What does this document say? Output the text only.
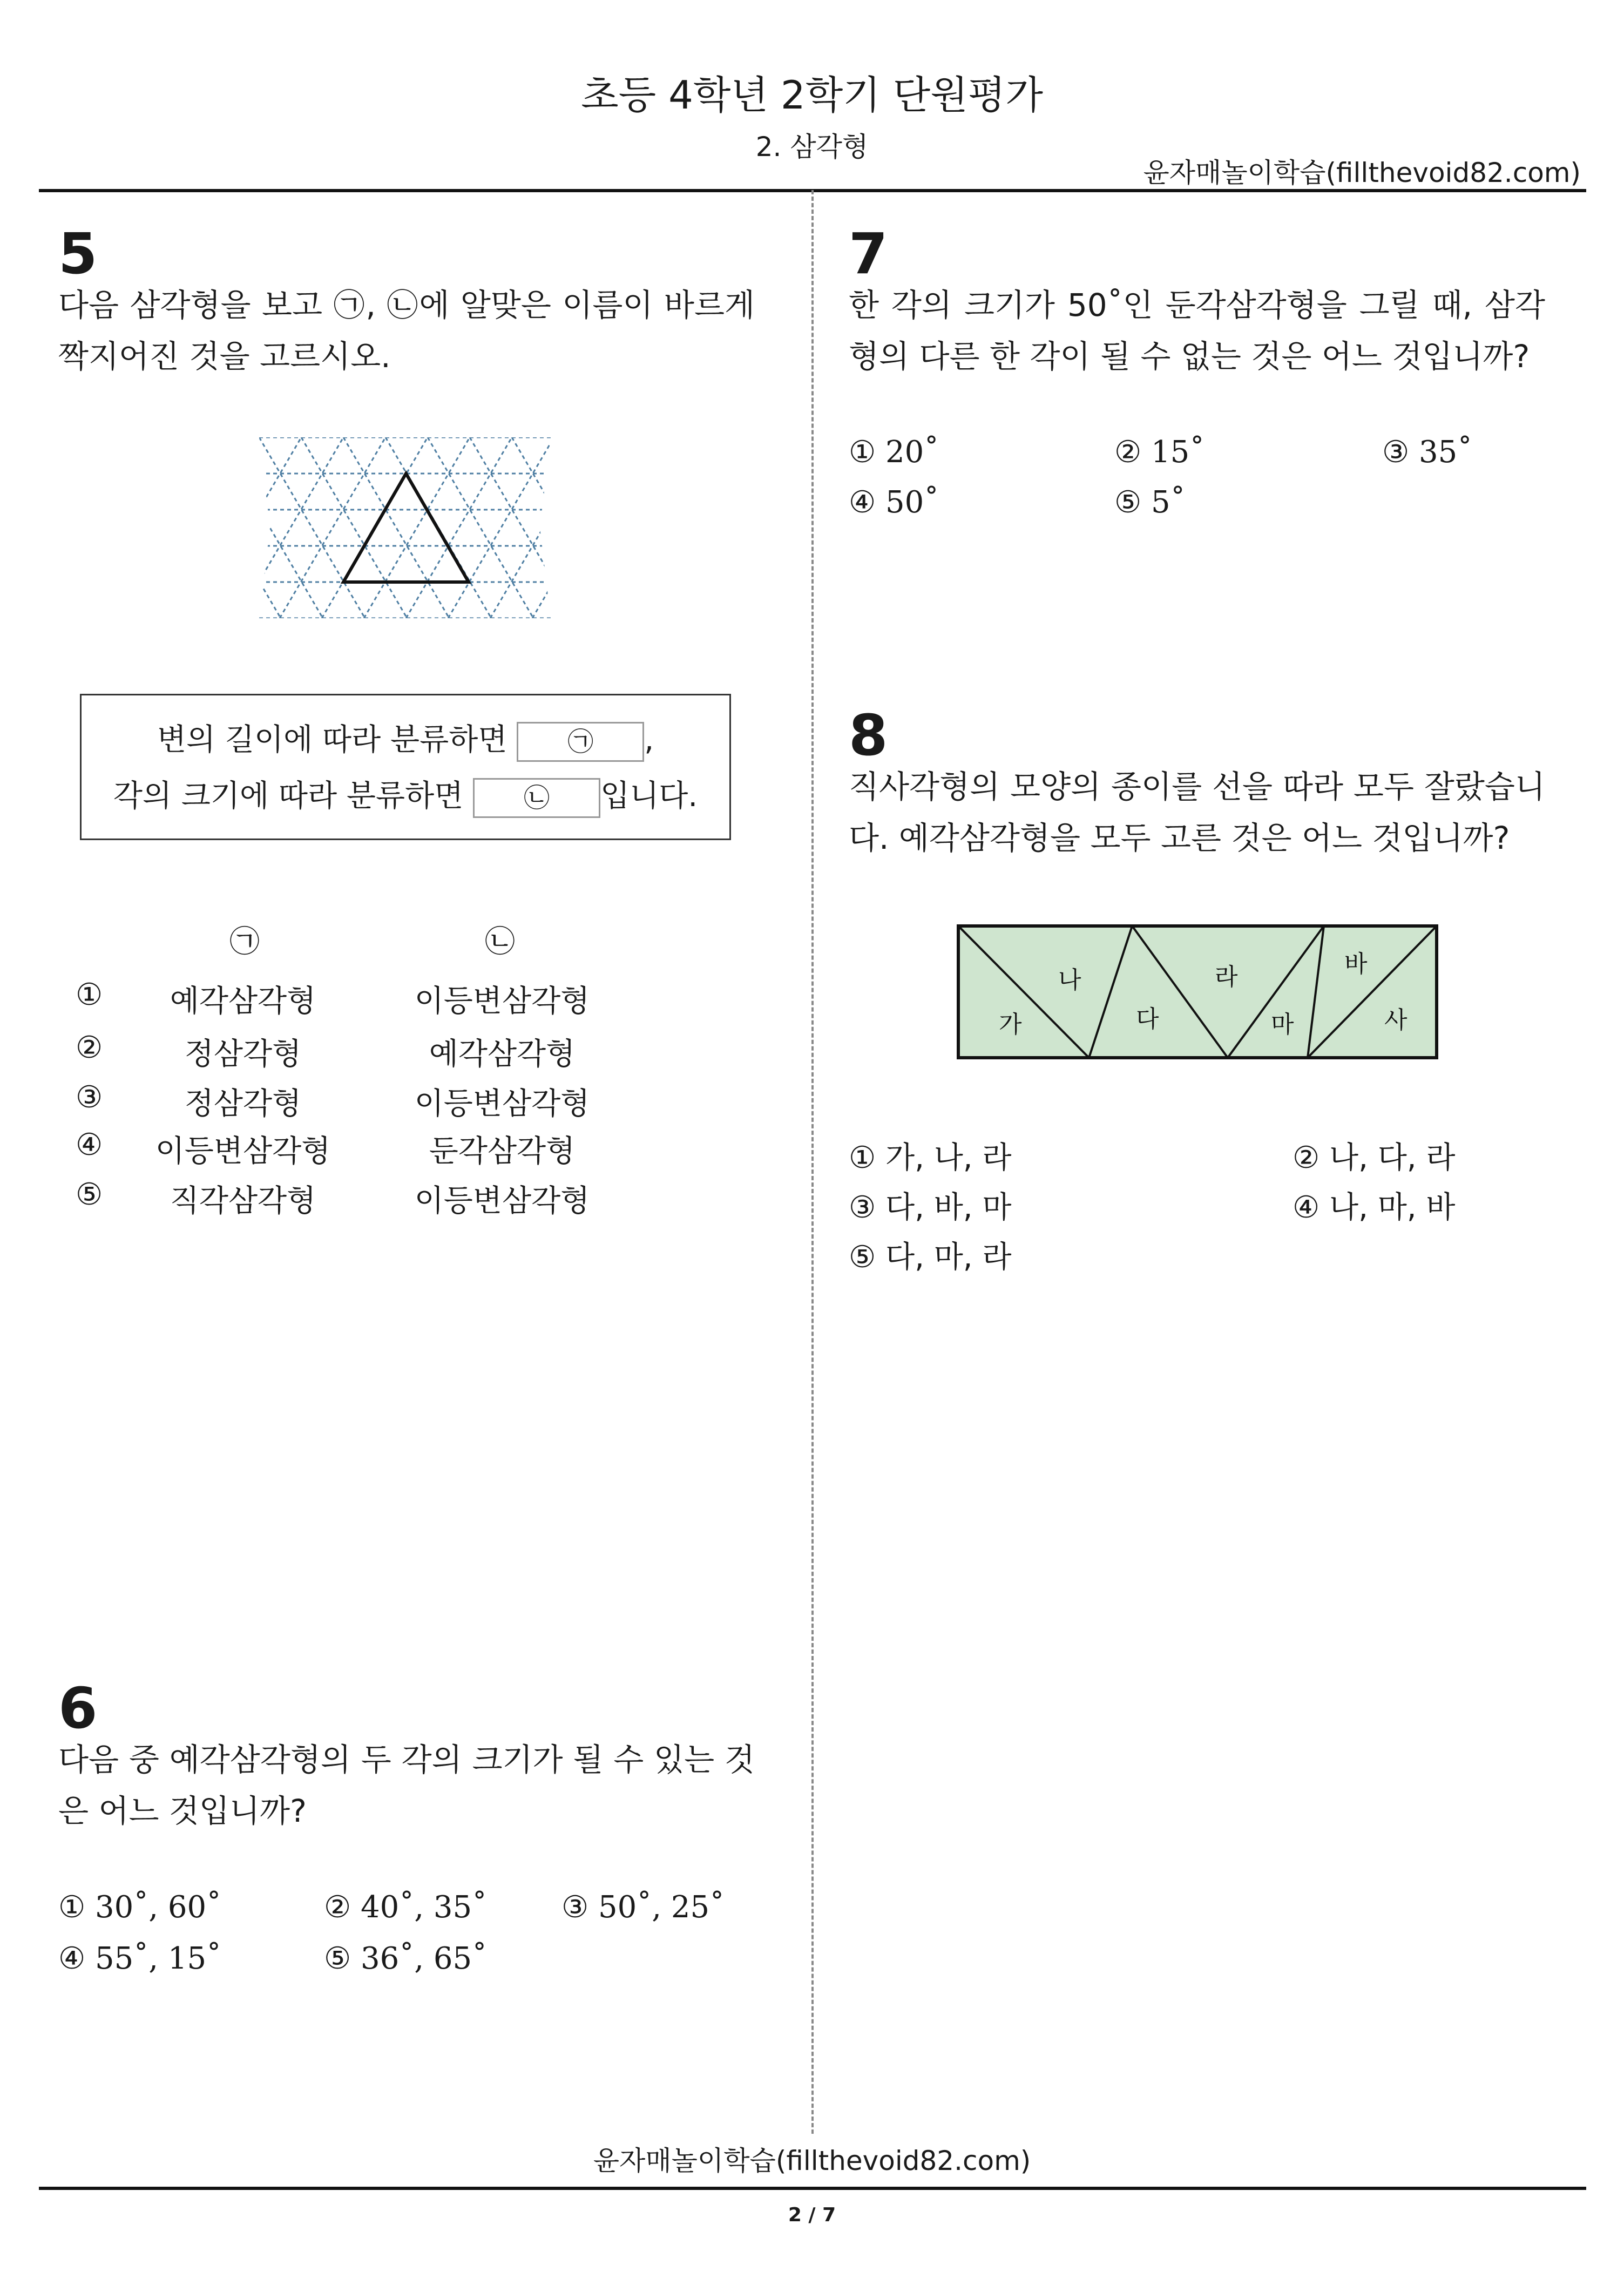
초등 4학년 2학기 단원평가
2. 삼각형
윤자매놀이학습(fillthevoid82.com)
5
다음 삼각형을 보고 ㉠, ㉡에 알맞은 이름이 바르게 짝지어진 것을 고르시오.
변의 길이에 따라 분류하면 ㉠ ,
각의 크기에 따라 분류하면 ㉡ 입니다.
㉠	㉡
①	예각삼각형	이등변삼각형
②	정삼각형	예각삼각형
③	정삼각형	이등변삼각형
④	이등변삼각형	둔각삼각형
⑤	직각삼각형	이등변삼각형
6
다음 중 예각삼각형의 두 각의 크기가 될 수 있는 것은 어느 것입니까?
① 30˚, 60˚	② 40˚, 35˚ ③ 50˚, 25˚
④ 55˚, 15˚	⑤ 36˚, 65˚
7
한 각의 크기가 50˚인 둔각삼각형을 그릴 때, 삼각형의 다른 한 각이 될 수 없는 것은 어느 것입니까?
① 20˚	② 15˚	③ 35˚
④ 50˚	⑤ 5˚
8
직사각형의 모양의 종이를 선을 따라 모두 잘랐습니다. 예각삼각형을 모두 고른 것은 어느 것입니까?
가
나
다
라
마
바
사
① 가, 나, 라	② 나, 다, 라
③ 다, 바, 마	④ 나, 마, 바
⑤ 다, 마, 라
윤자매놀이학습(fillthevoid82.com)
2 / 7
